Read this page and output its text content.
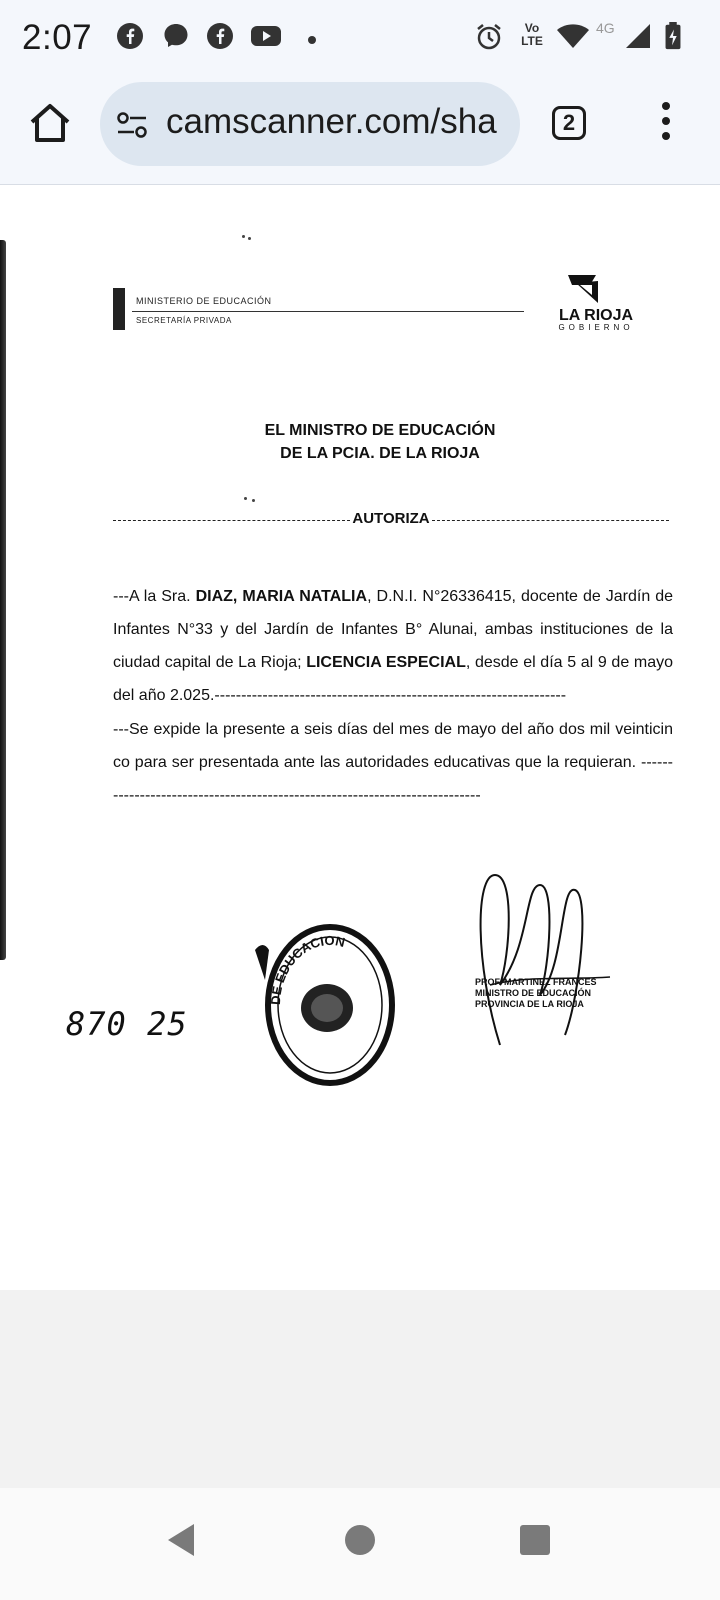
2:07	Vo
LTE
4G
camscanner.com/sha	2
MINISTERIO DE EDUCACIÓN
SECRETARÍA PRIVADA	LA RIOJA
GOBIERNO
EL MINISTRO DE EDUCACIÓN
DE LA PCIA. DE LA RIOJA
AUTORIZA
---A la Sra. DIAZ, MARIA NATALIA, D.N.I. N°26336415, docente de Jardín de Infantes N°33 y del Jardín de Infantes B° Alunai, ambas instituciones de la ciudad capital de La Rioja; LICENCIA ESPECIAL, desde el día 5 al 9 de mayo del año 2.025.------------------------------------------------------------------
---Se expide la presente a seis días del mes de mayo del año dos mil veinticinco para ser presentada ante las autoridades educativas que la requieran. ---------------------------------------------------------------------------
DE EDUCACION
PROF. MARTINEZ FRANCES
MINISTRO DE EDUCACIÓN
PROVINCIA DE LA RIOJA
870 25
